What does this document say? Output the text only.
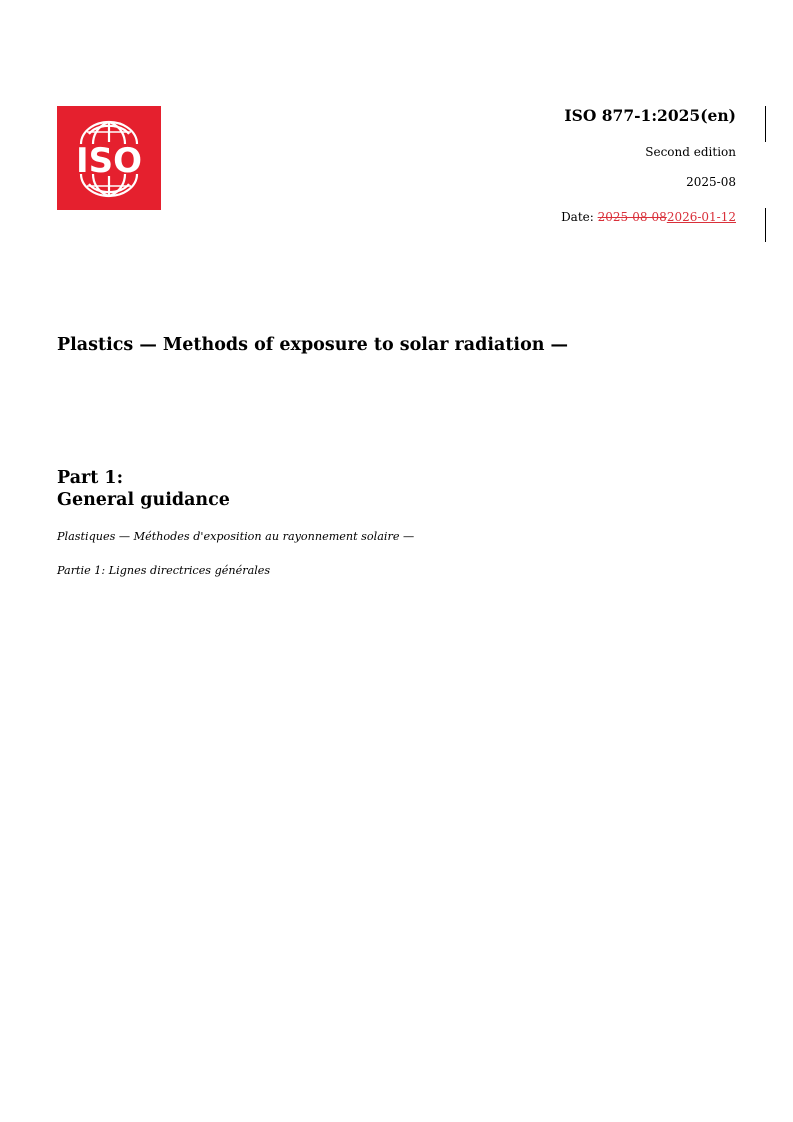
ISO
ISO 877-1:2025(en)
Second edition
2025-08
Date: 2025-08-082026-01-12
Plastics — Methods of exposure to solar radiation —
Part 1:
General guidance
Plastiques — Méthodes d'exposition au rayonnement solaire —
Partie 1: Lignes directrices générales
